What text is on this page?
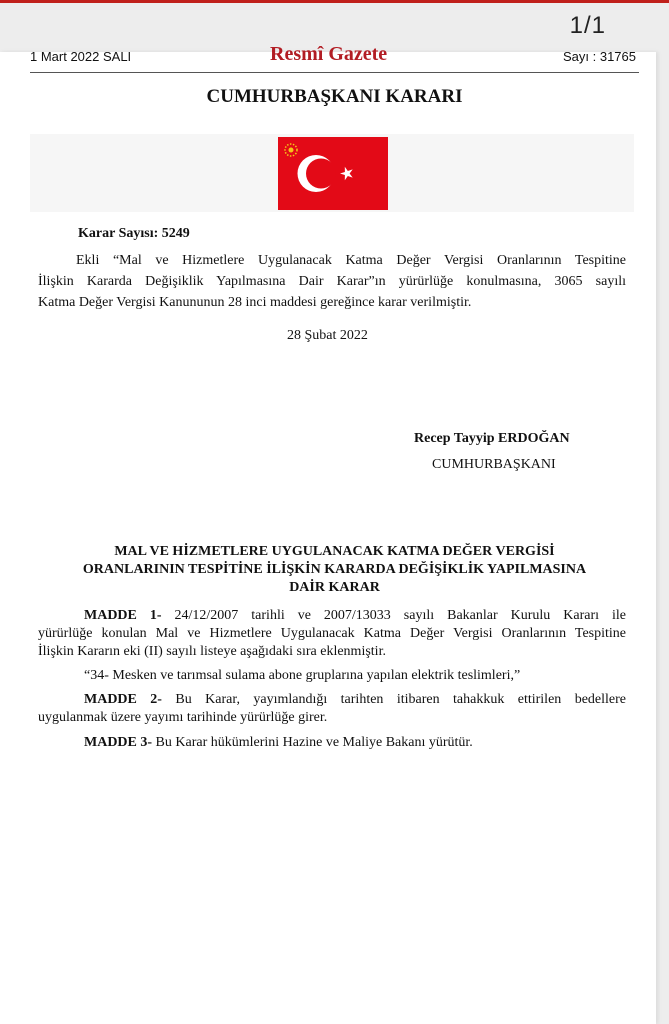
1/1
1 Mart 2022 SALI	Resmî Gazete	Sayı : 31765
CUMHURBAŞKANI KARARI
Karar Sayısı: 5249
Ekli “Mal ve Hizmetlere Uygulanacak Katma Değer Vergisi Oranlarının Tespitine
İlişkin Kararda Değişiklik Yapılmasına Dair Karar”ın yürürlüğe konulmasına, 3065 sayılı
Katma Değer Vergisi Kanununun 28 inci maddesi gereğince karar verilmiştir.
28 Şubat 2022
Recep Tayyip ERDOĞAN
CUMHURBAŞKANI
MAL VE HİZMETLERE UYGULANACAK KATMA DEĞER VERGİSİ
ORANLARININ TESPİTİNE İLİŞKİN KARARDA DEĞİŞİKLİK YAPILMASINA
DAİR KARAR
MADDE 1- 24/12/2007 tarihli ve 2007/13033 sayılı Bakanlar Kurulu Kararı ile
yürürlüğe konulan Mal ve Hizmetlere Uygulanacak Katma Değer Vergisi Oranlarının Tespitine
İlişkin Kararın eki (II) sayılı listeye aşağıdaki sıra eklenmiştir.
“34- Mesken ve tarımsal sulama abone gruplarına yapılan elektrik teslimleri,”
MADDE 2- Bu Karar, yayımlandığı tarihten itibaren tahakkuk ettirilen bedellere
uygulanmak üzere yayımı tarihinde yürürlüğe girer.
MADDE 3- Bu Karar hükümlerini Hazine ve Maliye Bakanı yürütür.
